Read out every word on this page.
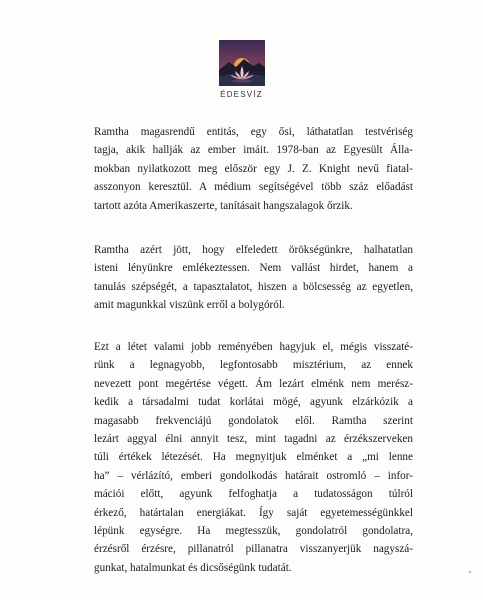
ÉDESVÍZ
Ramtha magasrendű entitás, egy ősi, láthatatlan testvériség
tagja, akik hallják az ember imáit. 1978-ban az Egyesült Álla-
mokban nyilatkozott meg először egy J. Z. Knight nevű fiatal-
asszonyon keresztül. A médium segítségével több száz előadást
tartott azóta Amerikaszerte, tanításait hangszalagok őrzik.
Ramtha azért jött, hogy elfeledett örökségünkre, halhatatlan
isteni lényünkre emlékeztessen. Nem vallást hirdet, hanem a
tanulás szépségét, a tapasztalatot, hiszen a bölcsesség az egyetlen,
amit magunkkal viszünk erről a bolygóról.
Ezt a létet valami jobb reményében hagyjuk el, mégis visszaté-
rünk a legnagyobb, legfontosabb misztérium, az ennek
nevezett pont megértése végett. Ám lezárt elménk nem merész-
kedik a társadalmi tudat korlátai mögé, agyunk elzárkózik a
magasabb frekvenciájú gondolatok elől. Ramtha szerint
lezárt aggyal élni annyit tesz, mint tagadni az érzékszerveken
túli értékek létezését. Ha megnyitjuk elménket a „mi lenne
ha” – vérlázító, emberi gondolkodás határait ostromló – infor-
mációi előtt, agyunk felfoghatja a tudatosságon túlról
érkező, határtalan energiákat. Így saját egyetemességünkkel
lépünk egységre. Ha megtesszük, gondolatról gondolatra,
érzésről érzésre, pillanatról pillanatra visszanyerjük nagyszá-
gunkat, hatalmunkat és dicsőségünk tudatát.
